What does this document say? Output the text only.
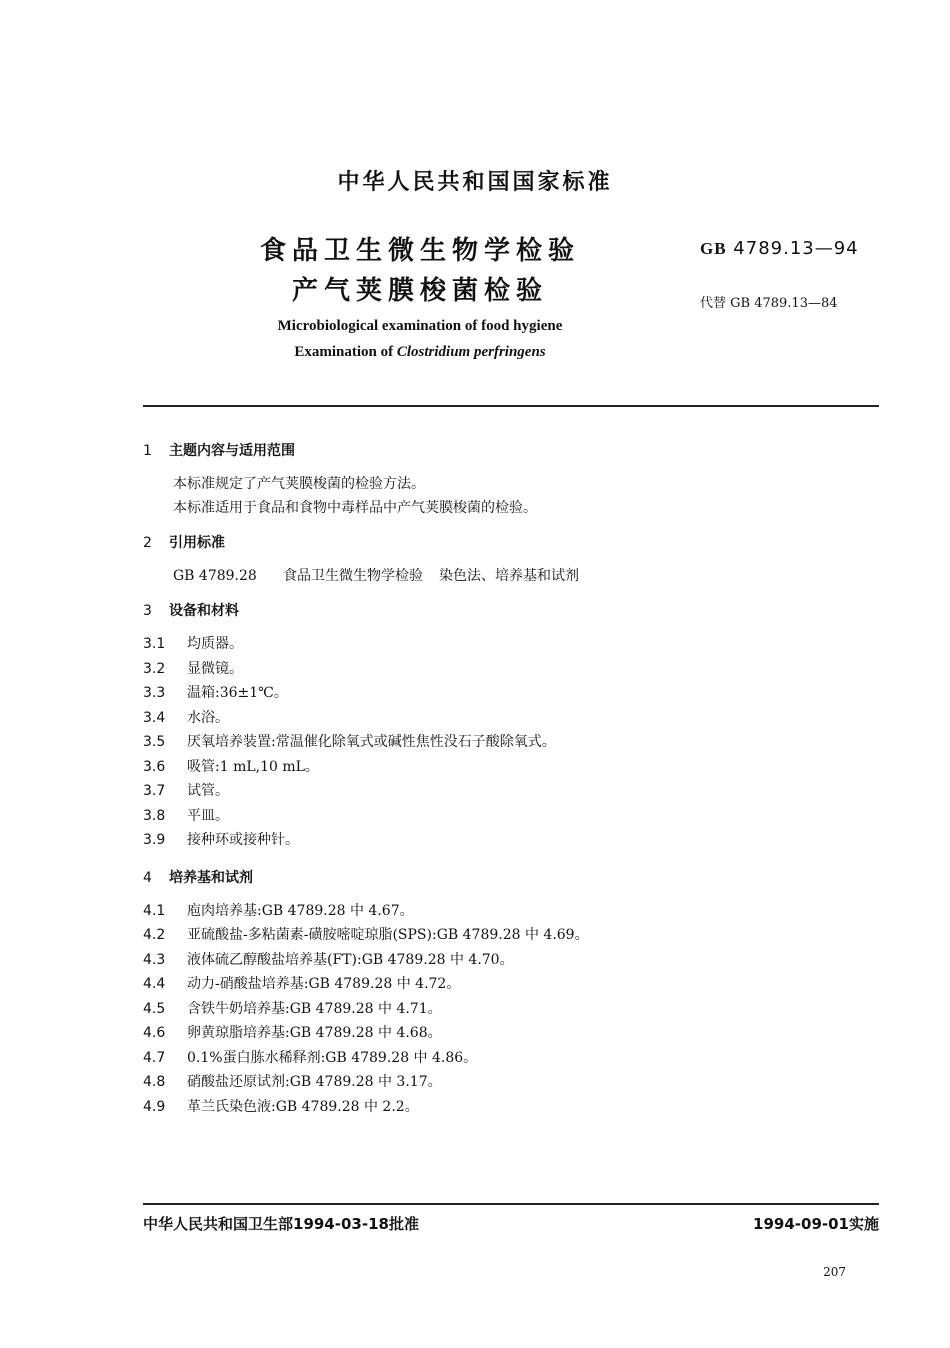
中华人民共和国国家标准
食品卫生微生物学检验
产气荚膜梭菌检验
GB 4789.13—94
代替 GB 4789.13—84
Microbiological examination of food hygiene
Examination of Clostridium perfringens
1 主题内容与适用范围
本标准规定了产气荚膜梭菌的检验方法。
本标准适用于食品和食物中毒样品中产气荚膜梭菌的检验。
2 引用标准
GB 4789.28 食品卫生微生物学检验 染色法、培养基和试剂
3 设备和材料
3.1 均质器。
3.2 显微镜。
3.3 温箱:36±1℃。
3.4 水浴。
3.5 厌氧培养装置:常温催化除氧式或碱性焦性没石子酸除氧式。
3.6 吸管:1 mL,10 mL。
3.7 试管。
3.8 平皿。
3.9 接种环或接种针。
4 培养基和试剂
4.1 庖肉培养基:GB 4789.28 中 4.67。
4.2 亚硫酸盐-多粘菌素-磺胺嘧啶琼脂(SPS):GB 4789.28 中 4.69。
4.3 液体硫乙醇酸盐培养基(FT):GB 4789.28 中 4.70。
4.4 动力-硝酸盐培养基:GB 4789.28 中 4.72。
4.5 含铁牛奶培养基:GB 4789.28 中 4.71。
4.6 卵黄琼脂培养基:GB 4789.28 中 4.68。
4.7 0.1%蛋白胨水稀释剂:GB 4789.28 中 4.86。
4.8 硝酸盐还原试剂:GB 4789.28 中 3.17。
4.9 革兰氏染色液:GB 4789.28 中 2.2。
中华人民共和国卫生部1994-03-18批准	1994-09-01实施
207
